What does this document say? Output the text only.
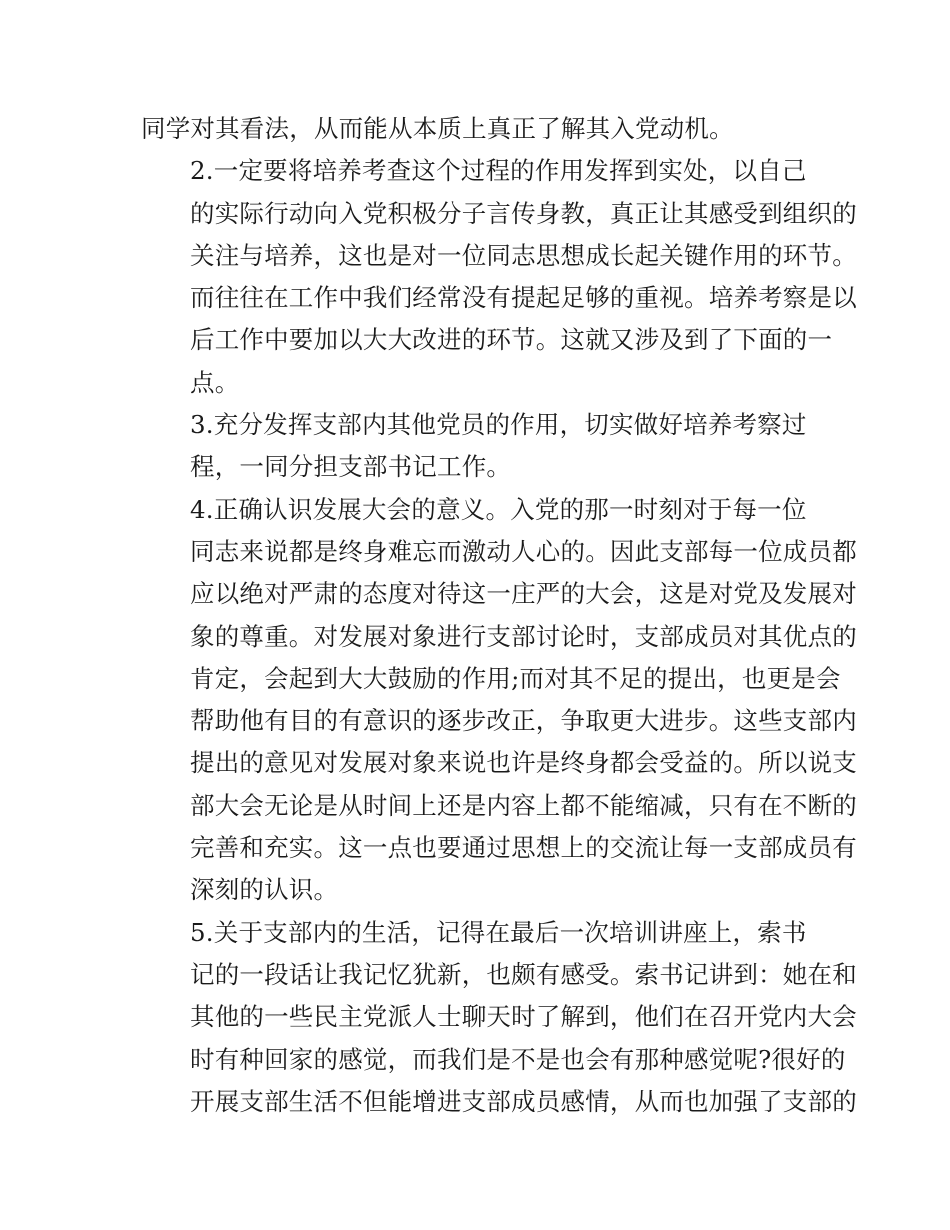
同学对其看法，从而能从本质上真正了解其入党动机。

2.一定要将培养考查这个过程的作用发挥到实处，以自己
的实际行动向入党积极分子言传身教，真正让其感受到组织的
关注与培养，这也是对一位同志思想成长起关键作用的环节。
而往往在工作中我们经常没有提起足够的重视。培养考察是以
后工作中要加以大大改进的环节。这就又涉及到了下面的一
点。

3.充分发挥支部内其他党员的作用，切实做好培养考察过
程，一同分担支部书记工作。

4.正确认识发展大会的意义。入党的那一时刻对于每一位
同志来说都是终身难忘而激动人心的。因此支部每一位成员都
应以绝对严肃的态度对待这一庄严的大会，这是对党及发展对
象的尊重。对发展对象进行支部讨论时，支部成员对其优点的
肯定，会起到大大鼓励的作用;而对其不足的提出，也更是会
帮助他有目的有意识的逐步改正，争取更大进步。这些支部内
提出的意见对发展对象来说也许是终身都会受益的。所以说支
部大会无论是从时间上还是内容上都不能缩减，只有在不断的
完善和充实。这一点也要通过思想上的交流让每一支部成员有
深刻的认识。

5.关于支部内的生活，记得在最后一次培训讲座上，索书
记的一段话让我记忆犹新，也颇有感受。索书记讲到：她在和
其他的一些民主党派人士聊天时了解到，他们在召开党内大会
时有种回家的感觉，而我们是不是也会有那种感觉呢?很好的
开展支部生活不但能增进支部成员感情，从而也加强了支部的
